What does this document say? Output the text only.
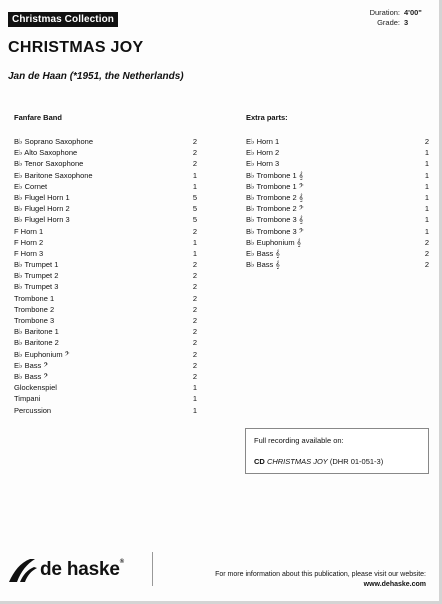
Christmas Collection
Duration: 4'00"
Grade: 3
CHRISTMAS JOY
Jan de Haan (*1951, the Netherlands)
Fanfare Band
B♭ Soprano Saxophone	2
E♭ Alto Saxophone	2
B♭ Tenor Saxophone	2
E♭ Baritone Saxophone	1
E♭ Cornet	1
B♭ Flugel Horn 1	5
B♭ Flugel Horn 2	5
B♭ Flugel Horn 3	5
F Horn 1	2
F Horn 2	1
F Horn 3	1
B♭ Trumpet 1	2
B♭ Trumpet 2	2
B♭ Trumpet 3	2
Trombone 1	2
Trombone 2	2
Trombone 3	2
B♭ Baritone 1	2
B♭ Baritone 2	2
B♭ Euphonium 𝄢	2
E♭ Bass 𝄢	2
B♭ Bass 𝄢	2
Glockenspiel	1
Timpani	1
Percussion	1
Extra parts:
E♭ Horn 1	2
E♭ Horn 2	1
E♭ Horn 3	1
B♭ Trombone 1 𝄞	1
B♭ Trombone 1 𝄢	1
B♭ Trombone 2 𝄞	1
B♭ Trombone 2 𝄢	1
B♭ Trombone 3 𝄞	1
B♭ Trombone 3 𝄢	1
B♭ Euphonium 𝄞	2
E♭ Bass 𝄞	2
B♭ Bass 𝄞	2
Full recording available on:
CD CHRISTMAS JOY (DHR 01-051-3)
de haske®
For more information about this publication, please visit our website:
www.dehaske.com
